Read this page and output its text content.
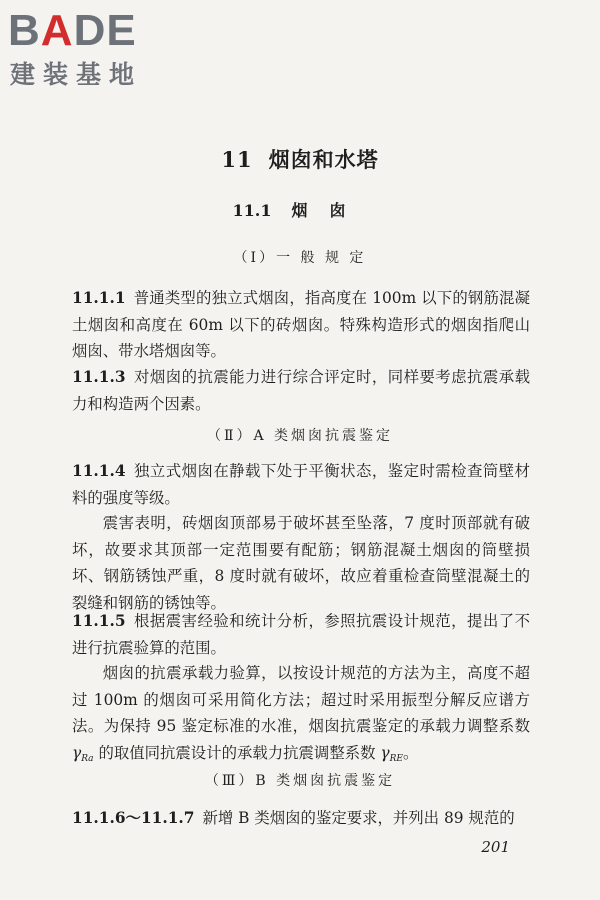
BADE
建装基地
11 烟囱和水塔
11.1 烟囱
（Ⅰ）一 般 规 定
11.1.1 普通类型的独立式烟囱，指高度在 100m 以下的钢筋混凝土烟囱和高度在 60m 以下的砖烟囱。特殊构造形式的烟囱指爬山烟囱、带水塔烟囱等。
11.1.3 对烟囱的抗震能力进行综合评定时，同样要考虑抗震承载力和构造两个因素。
（Ⅱ）A 类烟囱抗震鉴定
11.1.4 独立式烟囱在静载下处于平衡状态，鉴定时需检查筒壁材料的强度等级。
震害表明，砖烟囱顶部易于破坏甚至坠落，7 度时顶部就有破坏，故要求其顶部一定范围要有配筋；钢筋混凝土烟囱的筒壁损坏、钢筋锈蚀严重，8 度时就有破坏，故应着重检查筒壁混凝土的裂缝和钢筋的锈蚀等。
11.1.5 根据震害经验和统计分析，参照抗震设计规范，提出了不进行抗震验算的范围。
烟囱的抗震承载力验算，以按设计规范的方法为主，高度不超过 100m 的烟囱可采用简化方法；超过时采用振型分解反应谱方法。为保持 95 鉴定标准的水准，烟囱抗震鉴定的承载力调整系数 $\gamma_{Ra}$ 的取值同抗震设计的承载力抗震调整系数 $\gamma_{RE}$。
（Ⅲ）B 类烟囱抗震鉴定
11.1.6～11.1.7 新增 B 类烟囱的鉴定要求，并列出 89 规范的
201
